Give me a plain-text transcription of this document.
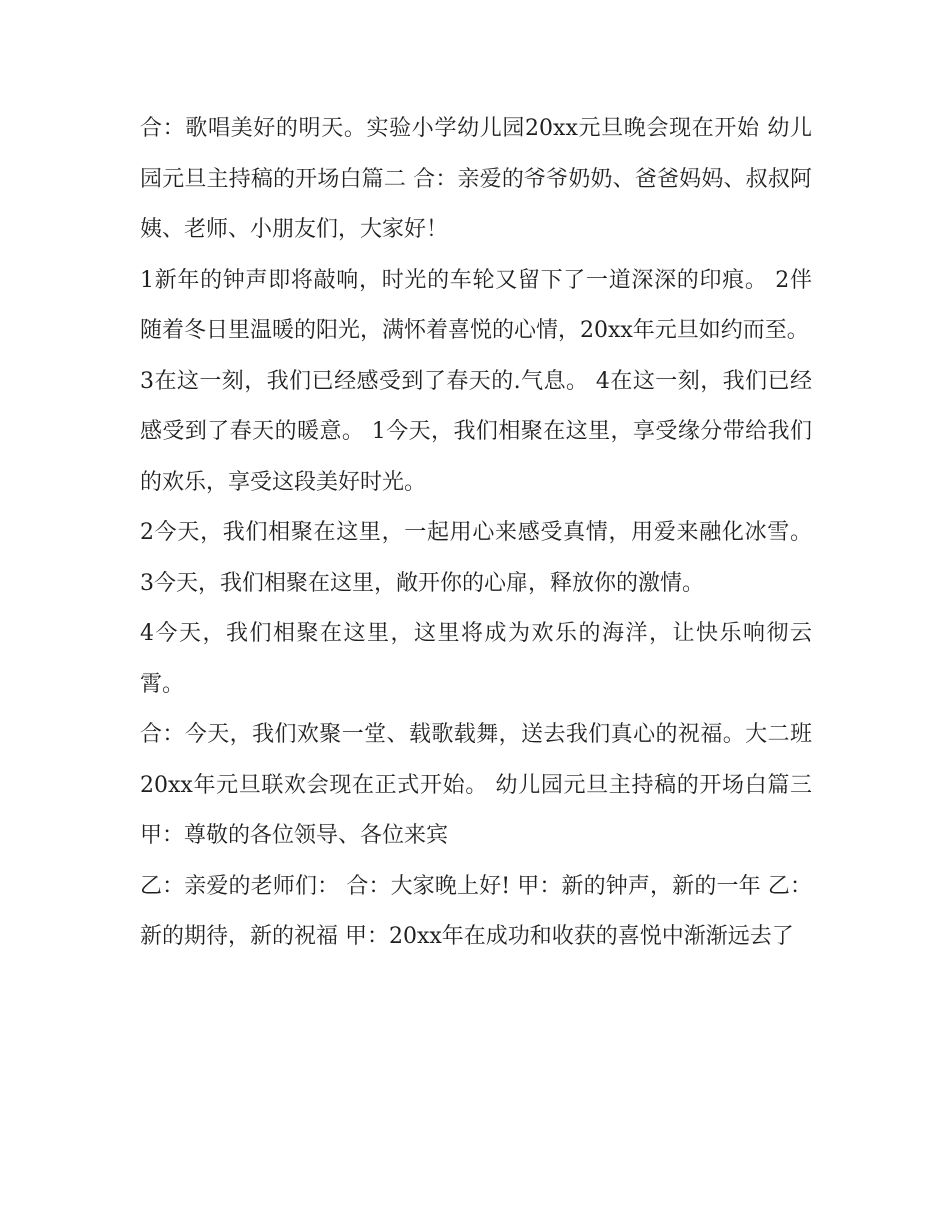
合：歌唱美好的明天。实验小学幼儿园20xx元旦晚会现在开始 幼儿园元旦主持稿的开场白篇二 合：亲爱的爷爷奶奶、爸爸妈妈、叔叔阿姨、老师、小朋友们，大家好！

1新年的钟声即将敲响，时光的车轮又留下了一道深深的印痕。 2伴随着冬日里温暖的阳光，满怀着喜悦的心情，20xx年元旦如约而至。

3在这一刻，我们已经感受到了春天的.气息。 4在这一刻，我们已经感受到了春天的暖意。 1今天，我们相聚在这里，享受缘分带给我们的欢乐，享受这段美好时光。

2今天，我们相聚在这里，一起用心来感受真情，用爱来融化冰雪。 3今天，我们相聚在这里，敞开你的心扉，释放你的激情。

4今天，我们相聚在这里，这里将成为欢乐的海洋，让快乐响彻云霄。

合：今天，我们欢聚一堂、载歌载舞，送去我们真心的祝福。大二班20xx年元旦联欢会现在正式开始。 幼儿园元旦主持稿的开场白篇三 甲：尊敬的各位领导、各位来宾

乙：亲爱的老师们： 合：大家晚上好! 甲：新的钟声，新的一年 乙：新的期待，新的祝福 甲：20xx年在成功和收获的喜悦中渐渐远去了
